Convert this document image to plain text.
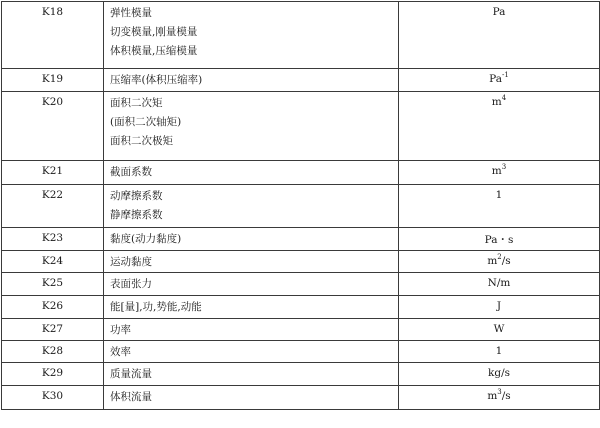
K18	弹性模量
切变模量,刚量模量
体积模量,压缩模量	Pa
K19	压缩率(体积压缩率)	$Pa^{-1}$
K20	面积二次矩
(面积二次轴矩)
面积二次极矩	$m^4$
K21	截面系数	$m^3$
K22	动摩擦系数
静摩擦系数	1
K23	黏度(动力黏度)	Pa・s
K24	运动黏度	$m^2/s$
K25	表面张力	N/m
K26	能[量],功,势能,动能	J
K27	功率	W
K28	效率	1
K29	质量流量	kg/s
K30	体积流量	$m^3/s$
